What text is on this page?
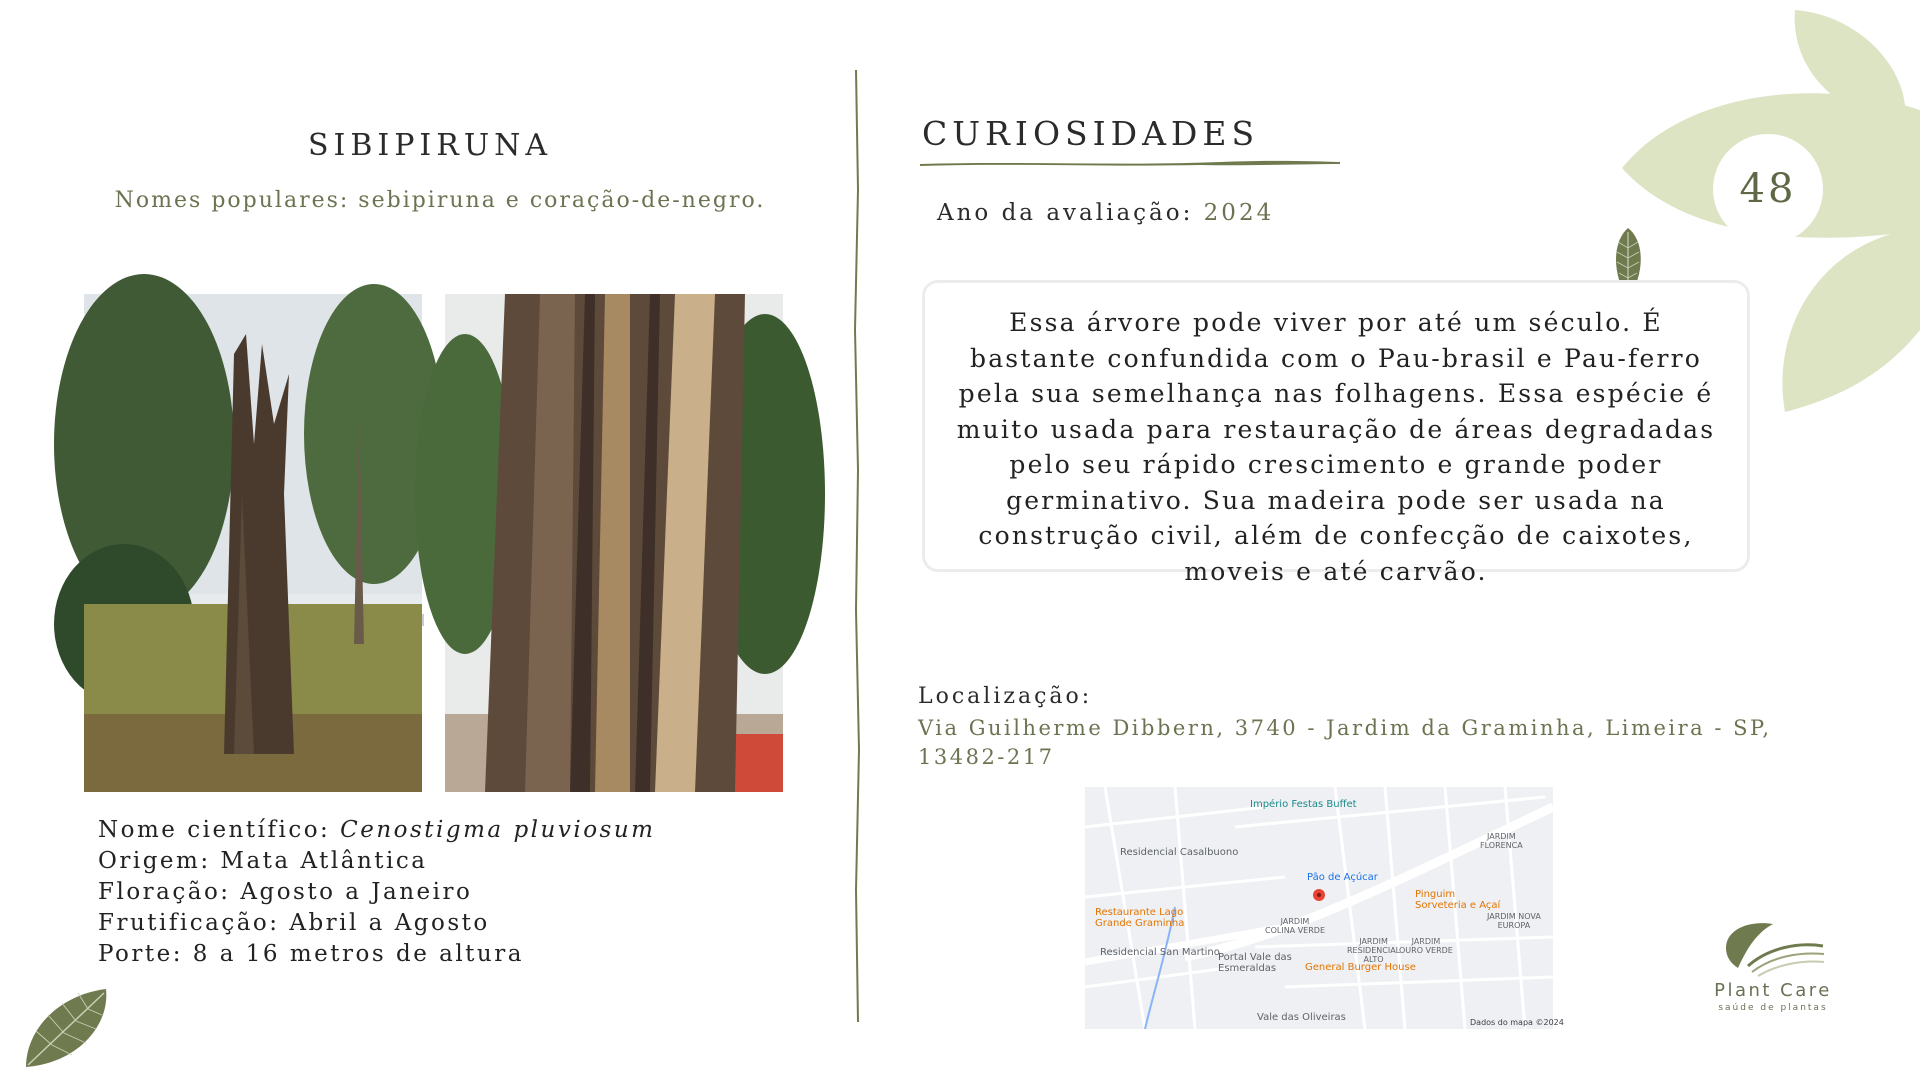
48
SIBIPIRUNA
Nomes populares: sebipiruna e coração-de-negro.
Nome científico: Cenostigma pluviosum
Origem: Mata Atlântica
Floração: Agosto a Janeiro
Frutificação: Abril a Agosto
Porte: 8 a 16 metros de altura
CURIOSIDADES
Ano da avaliação: 2024
Essa árvore pode viver por até um século. É bastante confundida com o Pau-brasil e Pau-ferro pela sua semelhança nas folhagens. Essa espécie é muito usada para restauração de áreas degradadas pelo seu rápido crescimento e grande poder germinativo. Sua madeira pode ser usada na construção civil, além de confecção de caixotes, moveis e até carvão.
Localização:
Via Guilherme Dibbern, 3740 - Jardim da Graminha, Limeira - SP, 13482-217
Império Festas Buffet
Residencial Casalbuono
Pão de Açúcar
Restaurante Lago
Grande Graminha
Pinguim
Sorveteria e Açaí
JARDIM
COLINA VERDE
JARDIM
FLORENCA
JARDIM NOVA
EUROPA
JARDIM
RESIDENCIAL
ALTO
JARDIM
OURO VERDE
Residencial San Martino
Portal Vale das
Esmeraldas	General Burger House
Vale das Oliveiras	Dados do mapa ©2024
Plant Care
saúde de plantas
